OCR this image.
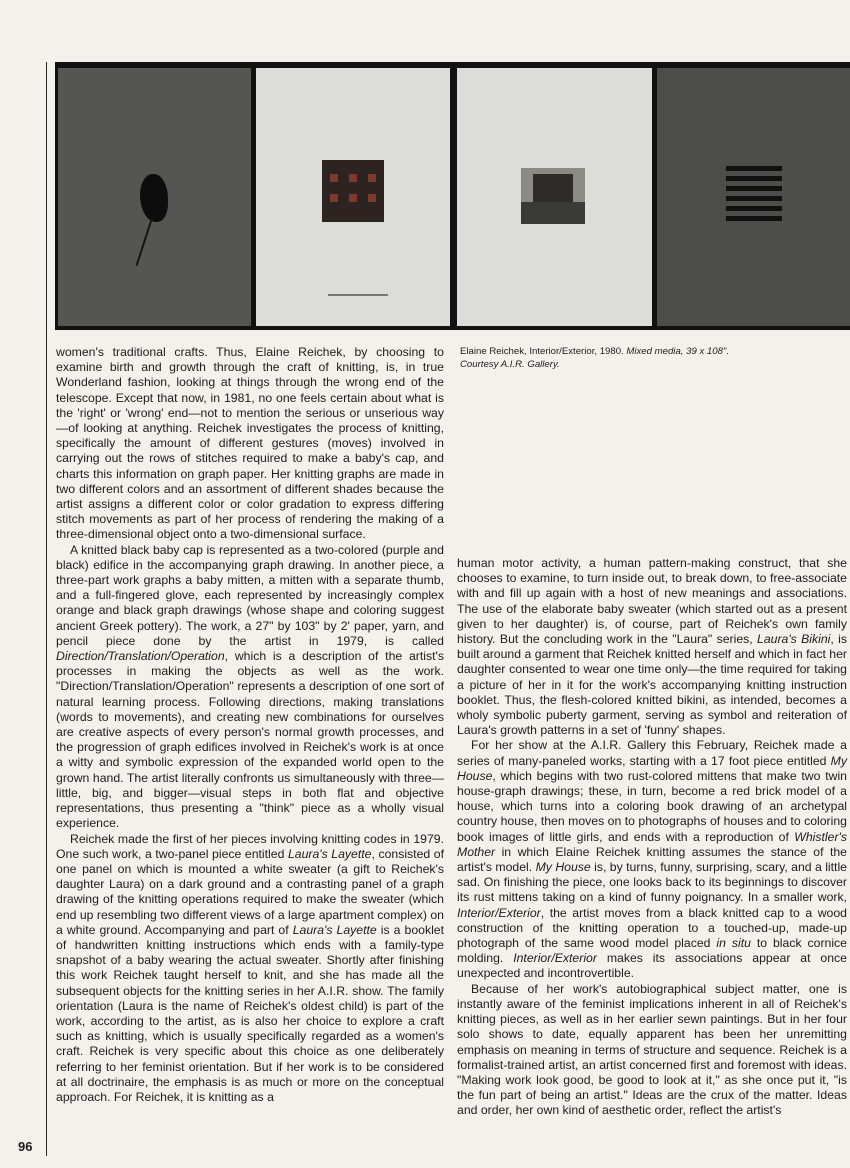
Elaine Reichek, Interior/Exterior, 1980. Mixed media, 39 x 108".
Courtesy A.I.R. Gallery.

women's traditional crafts. Thus, Elaine Reichek, by choosing to examine birth and growth through the craft of knitting, is, in true Wonderland fashion, looking at things through the wrong end of the telescope. Except that now, in 1981, no one feels certain about what is the 'right' or 'wrong' end—not to mention the serious or unserious way—of looking at anything. Reichek investigates the process of knitting, specifically the amount of different gestures (moves) involved in carrying out the rows of stitches required to make a baby's cap, and charts this information on graph paper. Her knitting graphs are made in two different colors and an assortment of different shades because the artist assigns a different color or color gradation to express differing stitch movements as part of her process of rendering the making of a three-dimensional object onto a two-dimensional surface.

A knitted black baby cap is represented as a two-colored (purple and black) edifice in the accompanying graph drawing. In another piece, a three-part work graphs a baby mitten, a mitten with a separate thumb, and a full-fingered glove, each represented by increasingly complex orange and black graph drawings (whose shape and coloring suggest ancient Greek pottery). The work, a 27" by 103" by 2' paper, yarn, and pencil piece done by the artist in 1979, is called Direction/Translation/Operation, which is a description of the artist's processes in making the objects as well as the work. "Direction/Translation/Operation" represents a description of one sort of natural learning process. Following directions, making translations (words to movements), and creating new combinations for ourselves are creative aspects of every person's normal growth processes, and the progression of graph edifices involved in Reichek's work is at once a witty and symbolic expression of the expanded world open to the grown hand. The artist literally confronts us simultaneously with three—little, big, and bigger—visual steps in both flat and objective representations, thus presenting a "think" piece as a wholly visual experience.

Reichek made the first of her pieces involving knitting codes in 1979. One such work, a two-panel piece entitled Laura's Layette, consisted of one panel on which is mounted a white sweater (a gift to Reichek's daughter Laura) on a dark ground and a contrasting panel of a graph drawing of the knitting operations required to make the sweater (which end up resembling two different views of a large apartment complex) on a white ground. Accompanying and part of Laura's Layette is a booklet of handwritten knitting instructions which ends with a family-type snapshot of a baby wearing the actual sweater. Shortly after finishing this work Reichek taught herself to knit, and she has made all the subsequent objects for the knitting series in her A.I.R. show. The family orientation (Laura is the name of Reichek's oldest child) is part of the work, according to the artist, as is also her choice to explore a craft such as knitting, which is usually specifically regarded as a women's craft. Reichek is very specific about this choice as one deliberately referring to her feminist orientation. But if her work is to be considered at all doctrinaire, the emphasis is as much or more on the conceptual approach. For Reichek, it is knitting as a

human motor activity, a human pattern-making construct, that she chooses to examine, to turn inside out, to break down, to free-associate with and fill up again with a host of new meanings and associations. The use of the elaborate baby sweater (which started out as a present given to her daughter) is, of course, part of Reichek's own family history. But the concluding work in the "Laura" series, Laura's Bikini, is built around a garment that Reichek knitted herself and which in fact her daughter consented to wear one time only—the time required for taking a picture of her in it for the work's accompanying knitting instruction booklet. Thus, the flesh-colored knitted bikini, as intended, becomes a wholy symbolic puberty garment, serving as symbol and reiteration of Laura's growth patterns in a set of 'funny' shapes.

For her show at the A.I.R. Gallery this February, Reichek made a series of many-paneled works, starting with a 17 foot piece entitled My House, which begins with two rust-colored mittens that make two twin house-graph drawings; these, in turn, become a red brick model of a house, which turns into a coloring book drawing of an archetypal country house, then moves on to photographs of houses and to coloring book images of little girls, and ends with a reproduction of Whistler's Mother in which Elaine Reichek knitting assumes the stance of the artist's model. My House is, by turns, funny, surprising, scary, and a little sad. On finishing the piece, one looks back to its beginnings to discover its rust mittens taking on a kind of funny poignancy. In a smaller work, Interior/Exterior, the artist moves from a black knitted cap to a wood construction of the knitting operation to a touched-up, made-up photograph of the same wood model placed in situ to black cornice molding. Interior/Exterior makes its associations appear at once unexpected and incontrovertible.

Because of her work's autobiographical subject matter, one is instantly aware of the feminist implications inherent in all of Reichek's knitting pieces, as well as in her earlier sewn paintings. But in her four solo shows to date, equally apparent has been her unremitting emphasis on meaning in terms of structure and sequence. Reichek is a formalist-trained artist, an artist concerned first and foremost with ideas. "Making work look good, be good to look at it," as she once put it, "is the fun part of being an artist." Ideas are the crux of the matter. Ideas and order, her own kind of aesthetic order, reflect the artist's

96
